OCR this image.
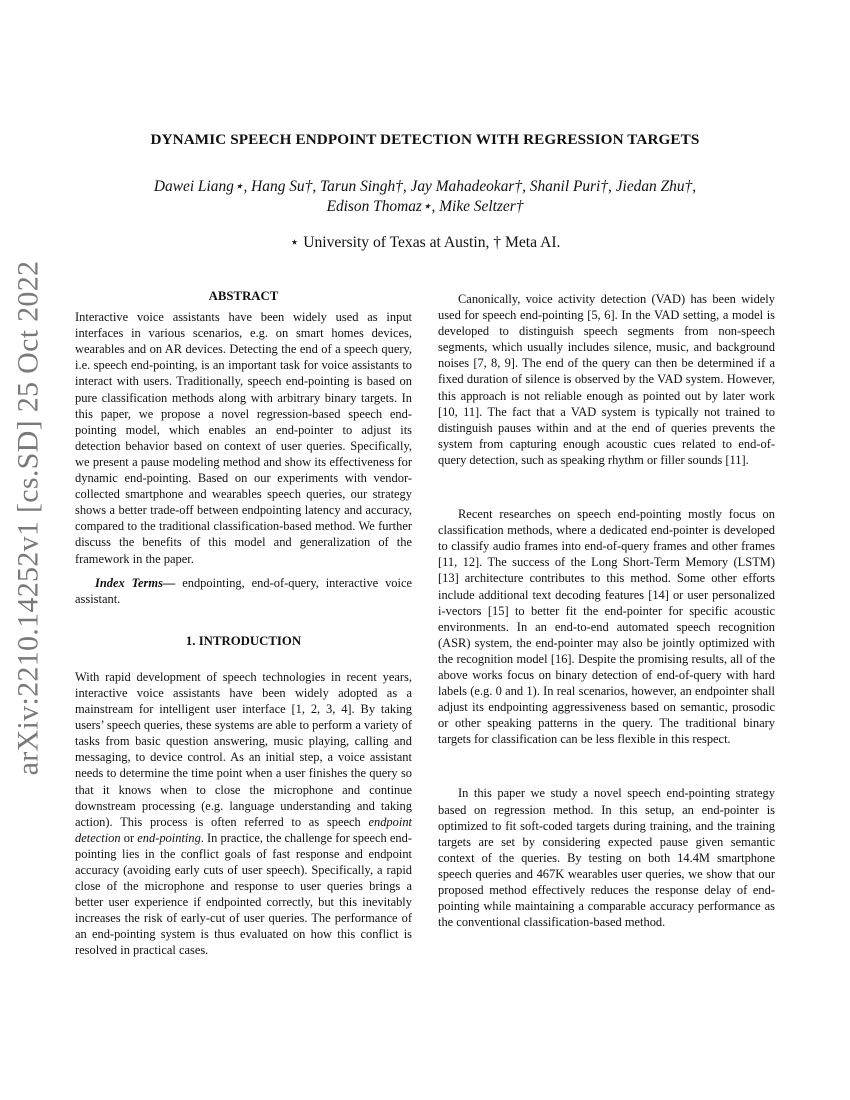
arXiv:2210.14252v1 [cs.SD] 25 Oct 2022
DYNAMIC SPEECH ENDPOINT DETECTION WITH REGRESSION TARGETS
Dawei Liang⋆, Hang Su†, Tarun Singh†, Jay Mahadeokar†, Shanil Puri†, Jiedan Zhu†,
Edison Thomaz⋆, Mike Seltzer†
⋆ University of Texas at Austin, † Meta AI.
ABSTRACT

Interactive voice assistants have been widely used as input interfaces in various scenarios, e.g. on smart homes devices, wearables and on AR devices. Detecting the end of a speech query, i.e. speech end-pointing, is an important task for voice assistants to interact with users. Traditionally, speech end-pointing is based on pure classification methods along with arbitrary binary targets. In this paper, we propose a novel regression-based speech end-pointing model, which enables an end-pointer to adjust its detection behavior based on context of user queries. Specifically, we present a pause modeling method and show its effectiveness for dynamic end-pointing. Based on our experiments with vendor-collected smartphone and wearables speech queries, our strategy shows a better trade-off between endpointing latency and accuracy, compared to the traditional classification-based method. We further discuss the benefits of this model and generalization of the framework in the paper.

Index Terms— endpointing, end-of-query, interactive voice assistant.

1. INTRODUCTION

With rapid development of speech technologies in recent years, interactive voice assistants have been widely adopted as a mainstream for intelligent user interface [1, 2, 3, 4]. By taking users’ speech queries, these systems are able to perform a variety of tasks from basic question answering, music playing, calling and messaging, to device control. As an initial step, a voice assistant needs to determine the time point when a user finishes the query so that it knows when to close the microphone and continue downstream processing (e.g. language understanding and taking action). This process is often referred to as speech endpoint detection or end-pointing. In practice, the challenge for speech end-pointing lies in the conflict goals of fast response and endpoint accuracy (avoiding early cuts of user speech). Specifically, a rapid close of the microphone and response to user queries brings a better user experience if endpointed correctly, but this inevitably increases the risk of early-cut of user queries. The performance of an end-pointing system is thus evaluated on how this conflict is resolved in practical cases.

Canonically, voice activity detection (VAD) has been widely used for speech end-pointing [5, 6]. In the VAD setting, a model is developed to distinguish speech segments from non-speech segments, which usually includes silence, music, and background noises [7, 8, 9]. The end of the query can then be determined if a fixed duration of silence is observed by the VAD system. However, this approach is not reliable enough as pointed out by later work [10, 11]. The fact that a VAD system is typically not trained to distinguish pauses within and at the end of queries prevents the system from capturing enough acoustic cues related to end-of-query detection, such as speaking rhythm or filler sounds [11].

Recent researches on speech end-pointing mostly focus on classification methods, where a dedicated end-pointer is developed to classify audio frames into end-of-query frames and other frames [11, 12]. The success of the Long Short-Term Memory (LSTM) [13] architecture contributes to this method. Some other efforts include additional text decoding features [14] or user personalized i-vectors [15] to better fit the end-pointer for specific acoustic environments. In an end-to-end automated speech recognition (ASR) system, the end-pointer may also be jointly optimized with the recognition model [16]. Despite the promising results, all of the above works focus on binary detection of end-of-query with hard labels (e.g. 0 and 1). In real scenarios, however, an endpointer shall adjust its endpointing aggressiveness based on semantic, prosodic or other speaking patterns in the query. The traditional binary targets for classification can be less flexible in this respect.

In this paper we study a novel speech end-pointing strategy based on regression method. In this setup, an end-pointer is optimized to fit soft-coded targets during training, and the training targets are set by considering expected pause given semantic context of the queries. By testing on both 14.4M smartphone speech queries and 467K wearables user queries, we show that our proposed method effectively reduces the response delay of end-pointing while maintaining a comparable accuracy performance as the conventional classification-based method.
